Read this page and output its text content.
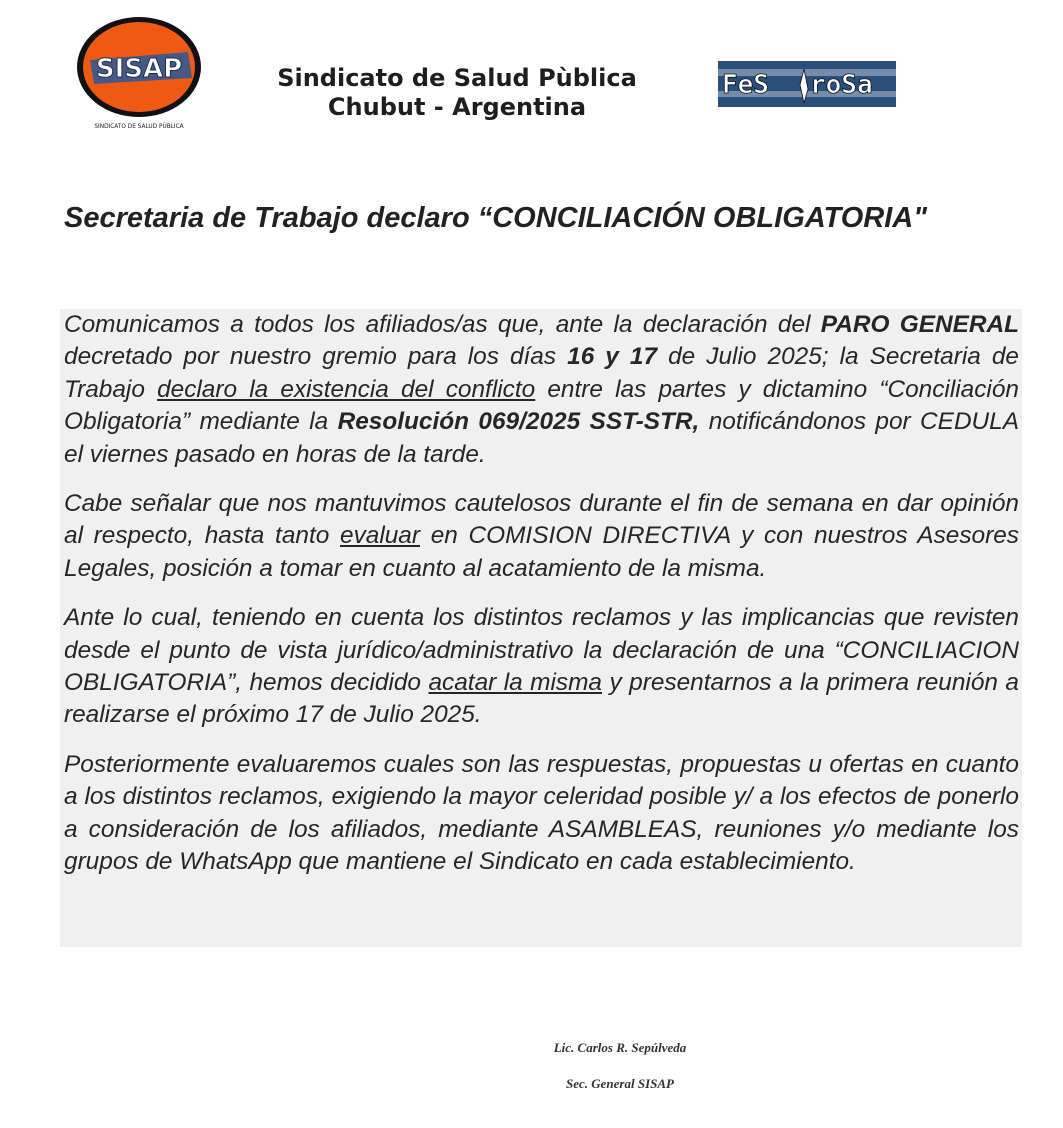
SISAP
SINDICATO DE SALUD PÚBLICA
Sindicato de Salud Pùblica
Chubut - Argentina
FeS roSa
Secretaria de Trabajo declaro “CONCILIACIÓN OBLIGATORIA"

Comunicamos a todos los afiliados/as que, ante la declaración del PARO GENERAL decretado por nuestro gremio para los días 16 y 17 de Julio 2025; la Secretaria de Trabajo declaro la existencia del conflicto entre las partes y dictamino “Conciliación Obligatoria” mediante la Resolución 069/2025 SST-STR, notificándonos por CEDULA el viernes pasado en horas de la tarde.

Cabe señalar que nos mantuvimos cautelosos durante el fin de semana en dar opinión al respecto, hasta tanto evaluar en COMISION DIRECTIVA y con nuestros Asesores Legales, posición a tomar en cuanto al acatamiento de la misma.

Ante lo cual, teniendo en cuenta los distintos reclamos y las implicancias que revisten desde el punto de vista jurídico/administrativo la declaración de una “CONCILIACION OBLIGATORIA”, hemos decidido acatar la misma y presentarnos a la primera reunión a realizarse el próximo 17 de Julio 2025.

Posteriormente evaluaremos cuales son las respuestas, propuestas u ofertas en cuanto a los distintos reclamos, exigiendo la mayor celeridad posible y/ a los efectos de ponerlo a consideración de los afiliados, mediante ASAMBLEAS, reuniones y/o mediante los grupos de WhatsApp que mantiene el Sindicato en cada establecimiento.

Lic. Carlos R. Sepúlveda
Sec. General SISAP
